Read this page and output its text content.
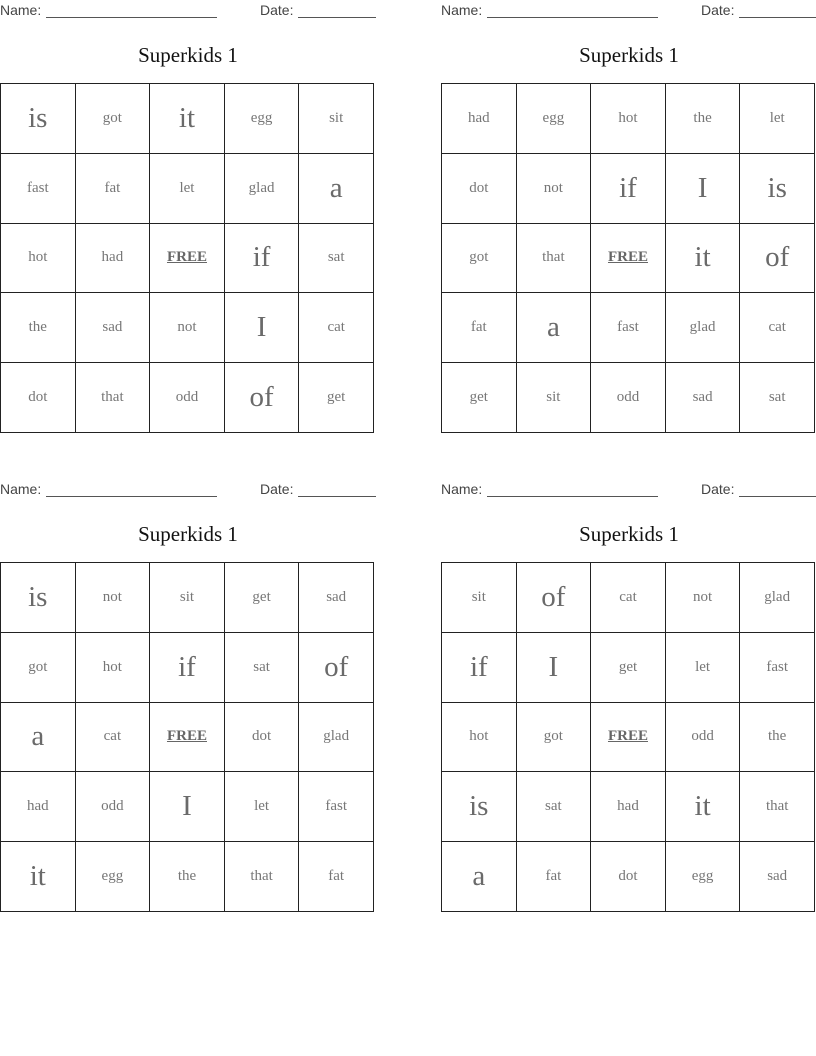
Name:	Date:
Superkids 1
is	got	it	egg	sit
fast	fat	let	glad	a
hot	had	FREE	if	sat
the	sad	not	I	cat
dot	that	odd	of	get
Name:	Date:
Superkids 1
had	egg	hot	the	let
dot	not	if	I	is
got	that	FREE	it	of
fat	a	fast	glad	cat
get	sit	odd	sad	sat
Name:	Date:
Superkids 1
is	not	sit	get	sad
got	hot	if	sat	of
a	cat	FREE	dot	glad
had	odd	I	let	fast
it	egg	the	that	fat
Name:	Date:
Superkids 1
sit	of	cat	not	glad
if	I	get	let	fast
hot	got	FREE	odd	the
is	sat	had	it	that
a	fat	dot	egg	sad
